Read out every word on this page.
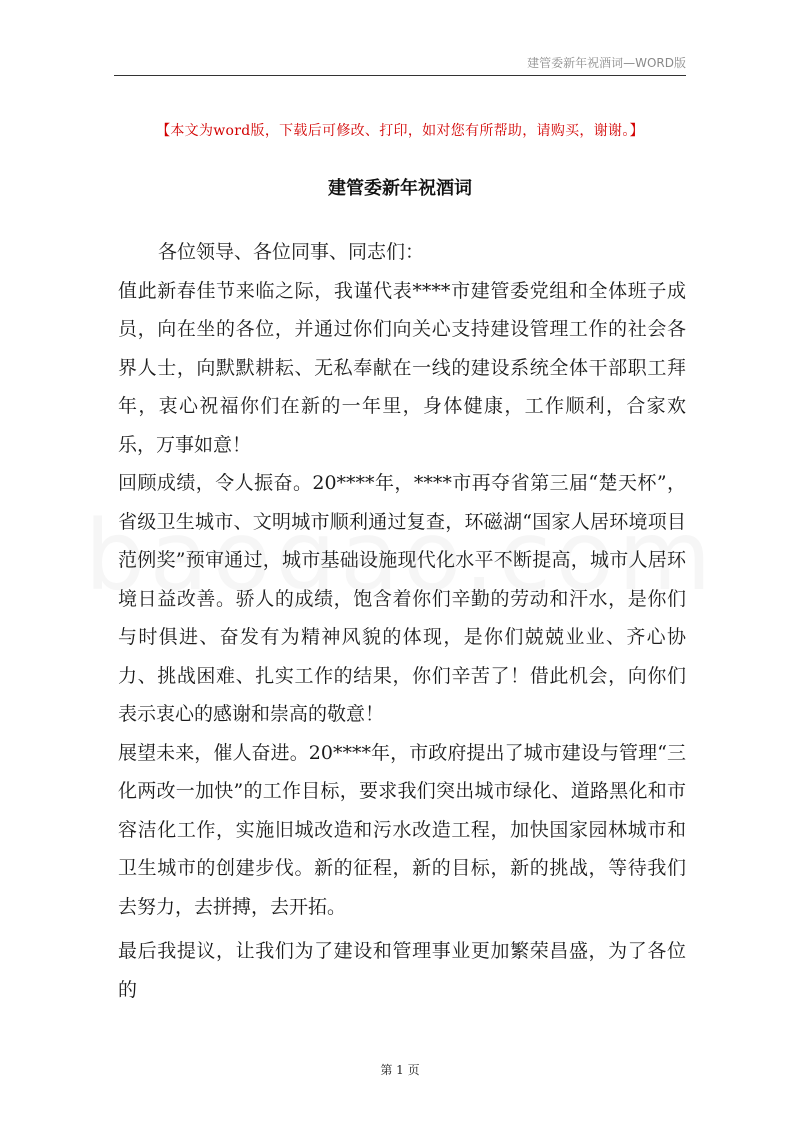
建管委新年祝酒词—WORD版
【本文为word版，下载后可修改、打印，如对您有所帮助，请购买，谢谢。】
建管委新年祝酒词

各位领导、各位同事、同志们：

值此新春佳节来临之际，我谨代表****市建管委党组和全体班子成员，向在坐的各位，并通过你们向关心支持建设管理工作的社会各界人士，向默默耕耘、无私奉献在一线的建设系统全体干部职工拜年，衷心祝福你们在新的一年里，身体健康，工作顺利，合家欢乐，万事如意！

回顾成绩，令人振奋。20****年，****市再夺省第三届“楚天杯”，省级卫生城市、文明城市顺利通过复查，环磁湖“国家人居环境项目范例奖”预审通过，城市基础设施现代化水平不断提高，城市人居环境日益改善。骄人的成绩，饱含着你们辛勤的劳动和汗水，是你们与时俱进、奋发有为精神风貌的体现，是你们兢兢业业、齐心协力、挑战困难、扎实工作的结果，你们辛苦了！借此机会，向你们表示衷心的感谢和崇高的敬意！

展望未来，催人奋进。20****年，市政府提出了城市建设与管理“三化两改一加快”的工作目标，要求我们突出城市绿化、道路黑化和市容洁化工作，实施旧城改造和污水改造工程，加快国家园林城市和卫生城市的创建步伐。新的征程，新的目标，新的挑战，等待我们去努力，去拼搏，去开拓。

最后我提议，让我们为了建设和管理事业更加繁荣昌盛，为了各位的

第 1 页
